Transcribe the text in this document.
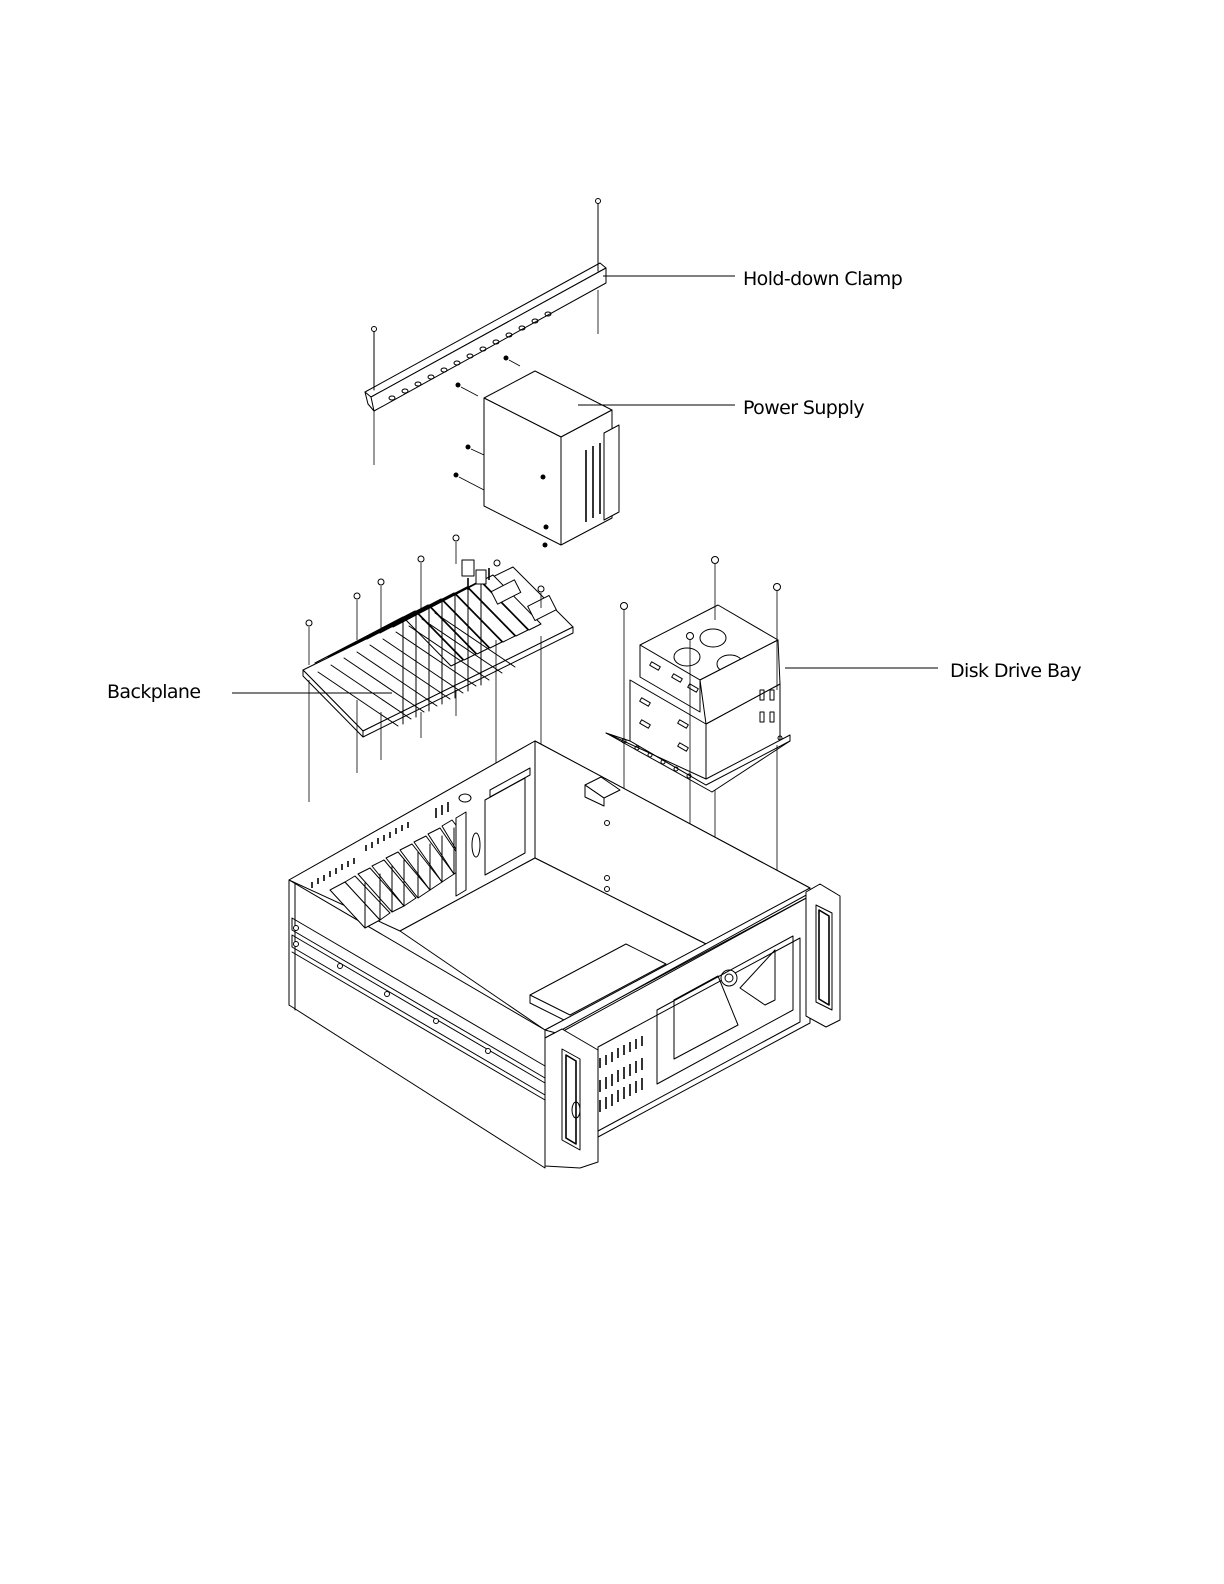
Hold-down Clamp
Power Supply
Backplane
Disk Drive Bay
